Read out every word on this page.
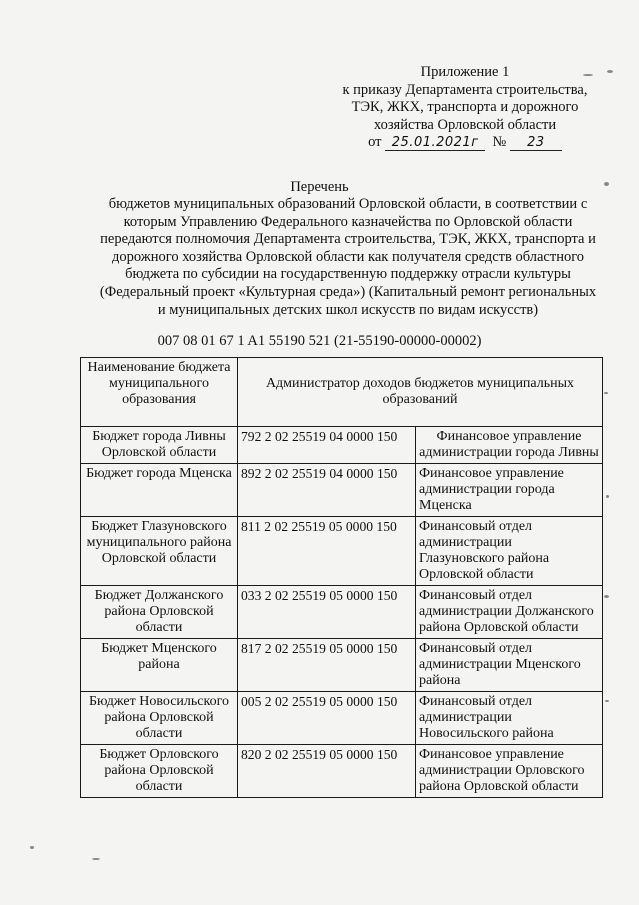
Приложение 1
к приказу Департамента строительства,
ТЭК, ЖКХ, транспорта и дорожного
хозяйства Орловской области
от 25.01.2021г № 23
Перечень
бюджетов муниципальных образований Орловской области, в соответствии с которым Управлению Федерального казначейства по Орловской области передаются полномочия Департамента строительства, ТЭК, ЖКХ, транспорта и дорожного хозяйства Орловской области как получателя средств областного бюджета по субсидии на государственную поддержку отрасли культуры (Федеральный проект «Культурная среда») (Капитальный ремонт региональных и муниципальных детских школ искусств по видам искусств)
007 08 01 67 1 A1 55190 521 (21-55190-00000-00002)
Наименование бюджета муниципального образования	Администратор доходов бюджетов муниципальных образований	
Бюджет города Ливны Орловской области	792 2 02 25519 04 0000 150	Финансовое управление администрации города Ливны
Бюджет города Мценска	892 2 02 25519 04 0000 150	Финансовое управление администрации города Мценска
Бюджет Глазуновского муниципального района Орловской области	811 2 02 25519 05 0000 150	Финансовый отдел администрации Глазуновского района Орловской области
Бюджет Должанского района Орловской области	033 2 02 25519 05 0000 150	Финансовый отдел администрации Должанского района Орловской области
Бюджет Мценского района	817 2 02 25519 05 0000 150	Финансовый отдел администрации Мценского района
Бюджет Новосильского района Орловской области	005 2 02 25519 05 0000 150	Финансовый отдел администрации Новосильского района
Бюджет Орловского района Орловской области	820 2 02 25519 05 0000 150	Финансовое управление администрации Орловского района Орловской области
